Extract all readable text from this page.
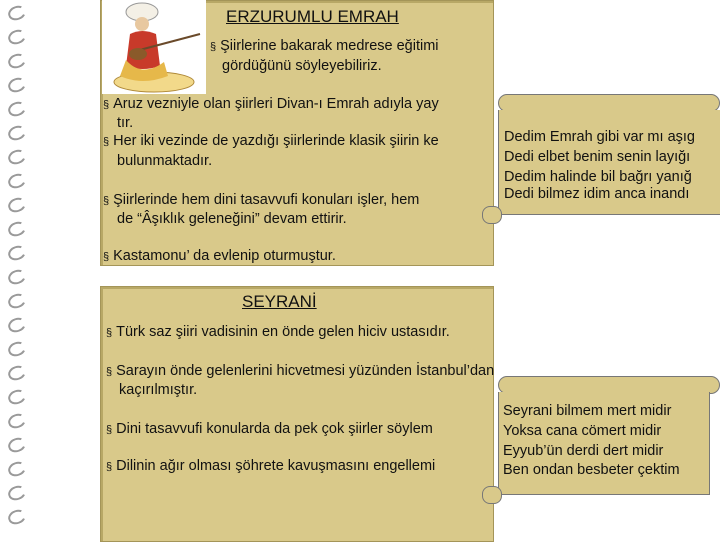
ERZURUMLU EMRAH
§ Şiirlerine bakarak medrese eğitimi
gördüğünü söyleyebiliriz.
§ Aruz vezniyle olan şiirleri Divan-ı Emrah adıyla yay
tır.
§ Her iki vezinde de yazdığı şiirlerinde klasik şiirin ke
bulunmaktadır.
§ Şiirlerinde hem dini tasavvufi konuları işler, hem
de “Âşıklık geleneğini” devam ettirir.
§ Kastamonu’ da evlenip oturmuştur.
Dedim Emrah gibi var mı aşıg
Dedi elbet benim senin layığı
Dedim halinde bil bağrı yanığ
Dedi bilmez idim anca inandı
SEYRANİ
§ Türk saz şiiri vadisinin en önde gelen hiciv ustasıdır.
§ Sarayın önde gelenlerini hicvetmesi yüzünden İstanbul’dan
kaçırılmıştır.
§ Dini tasavvufi konularda da pek çok şiirler söylem
§ Dilinin ağır olması şöhrete kavuşmasını engellemi
Seyrani bilmem mert midir
Yoksa cana cömert midir
Eyyub’ün derdi dert midir
Ben ondan besbeter çektim
